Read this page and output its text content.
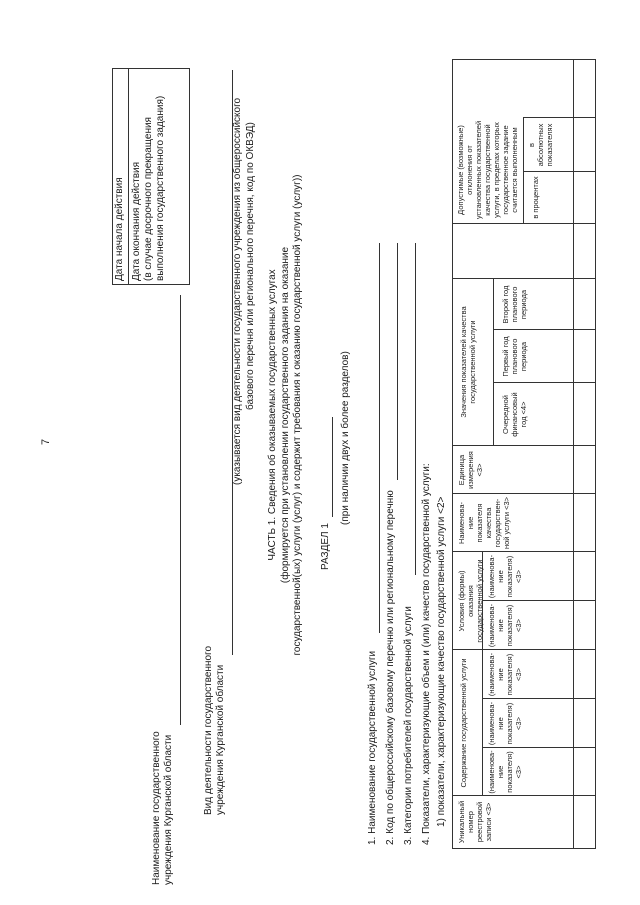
7
Дата начала действия Дата окончания действия (в случае досрочного прекращения выполнения государственного задания)
Наименование государственного учреждения Курганской области	Вид деятельности государственного учреждения Курганской области
(указывается вид деятельности государственного учреждения из общероссийского базового перечня или регионального перечня, код по ОКВЭД)
ЧАСТЬ 1. Сведения об оказываемых государственных услугах (формируется при установлении государственного задания на оказание государственной(ых) услуги (услуг) и содержит требования к оказанию государственной услуги (услуг)) РАЗДЕЛ 1
(при наличии двух и более разделов)
1. Наименование государственной услуги 2. Код по общероссийскому базовому перечню или региональному перечню 3. Категории потребителей государственной услуги 4. Показатели, характеризующие объем и (или) качество государственной услуги: 1) показатели, характеризующие качество государственной услуги <2> Уникальный номер реестровой записи <3>
Содержание государственной услуги
Условия (формы) оказания государственной услуги
(наименова- ние показателя) <3>
(наименова- ние показателя) <3>
(наименова- ние показателя) <3>
(наименова- ние показателя) <3>
(наименова- ние показателя) <3>
Наименова- ние показателя качества государствен- ной услуги <3>
Единица измерения <3>
Значения показателей качества государственной услуги
Очередной финансовый год <4>
Первый год планового периода
Второй год планового периода
Допустимые (возможные) отклонения от установленных показателей качества государственной услуги, в пределах которых государственное задание считается выполненным в процентах
в абсолютных показателях
